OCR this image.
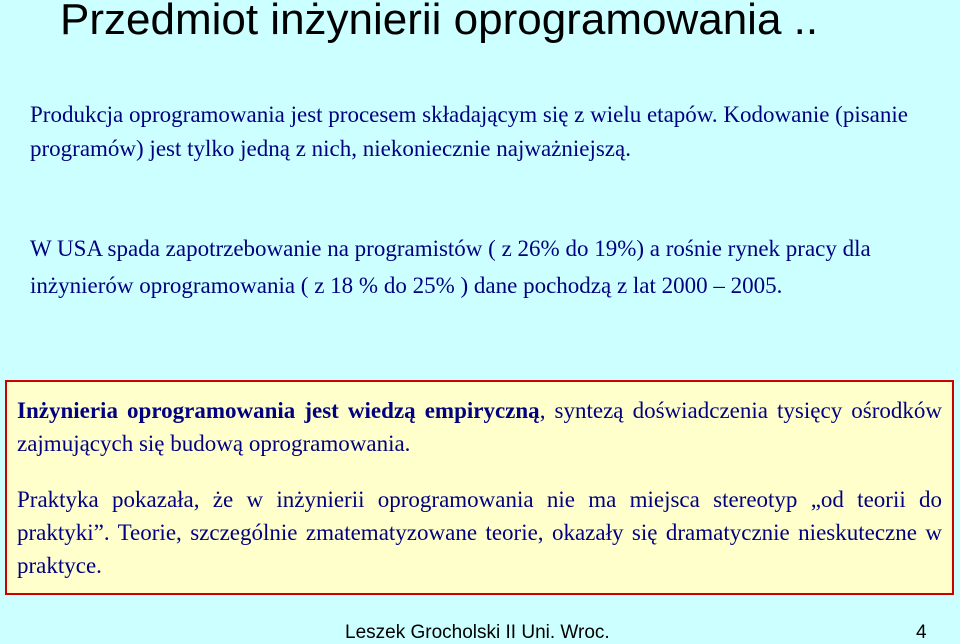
Przedmiot inżynierii oprogramowania ..
Produkcja oprogramowania jest procesem składającym się z wielu etapów. Kodowanie (pisanie programów) jest tylko jedną z nich, niekoniecznie najważniejszą.
W USA spada zapotrzebowanie na programistów ( z 26% do 19%) a rośnie rynek pracy dla inżynierów oprogramowania ( z 18 % do 25% ) dane pochodzą z lat 2000 – 2005.

Inżynieria oprogramowania jest wiedzą empiryczną, syntezą doświadczenia tysięcy ośrodków zajmujących się budową oprogramowania.

Praktyka pokazała, że w inżynierii oprogramowania nie ma miejsca stereotyp „od teorii do praktyki”. Teorie, szczególnie zmatematyzowane teorie, okazały się dramatycznie nieskuteczne w praktyce.

Leszek Grocholski II Uni. Wroc.	4
